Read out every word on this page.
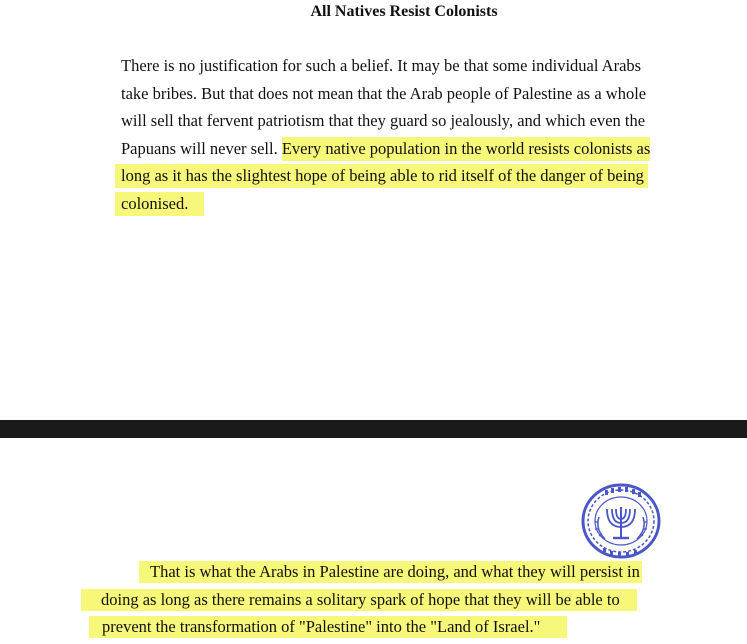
All Natives Resist Colonists
There is no justification for such a belief. It may be that some individual Arabs
take bribes. But that does not mean that the Arab people of Palestine as a whole
will sell that fervent patriotism that they guard so jealously, and which even the
Papuans will never sell. Every native population in the world resists colonists as
long as it has the slightest hope of being able to rid itself of the danger of being
colonised.
That is what the Arabs in Palestine are doing, and what they will persist in
doing as long as there remains a solitary spark of hope that they will be able to
prevent the transformation of "Palestine" into the "Land of Israel."
